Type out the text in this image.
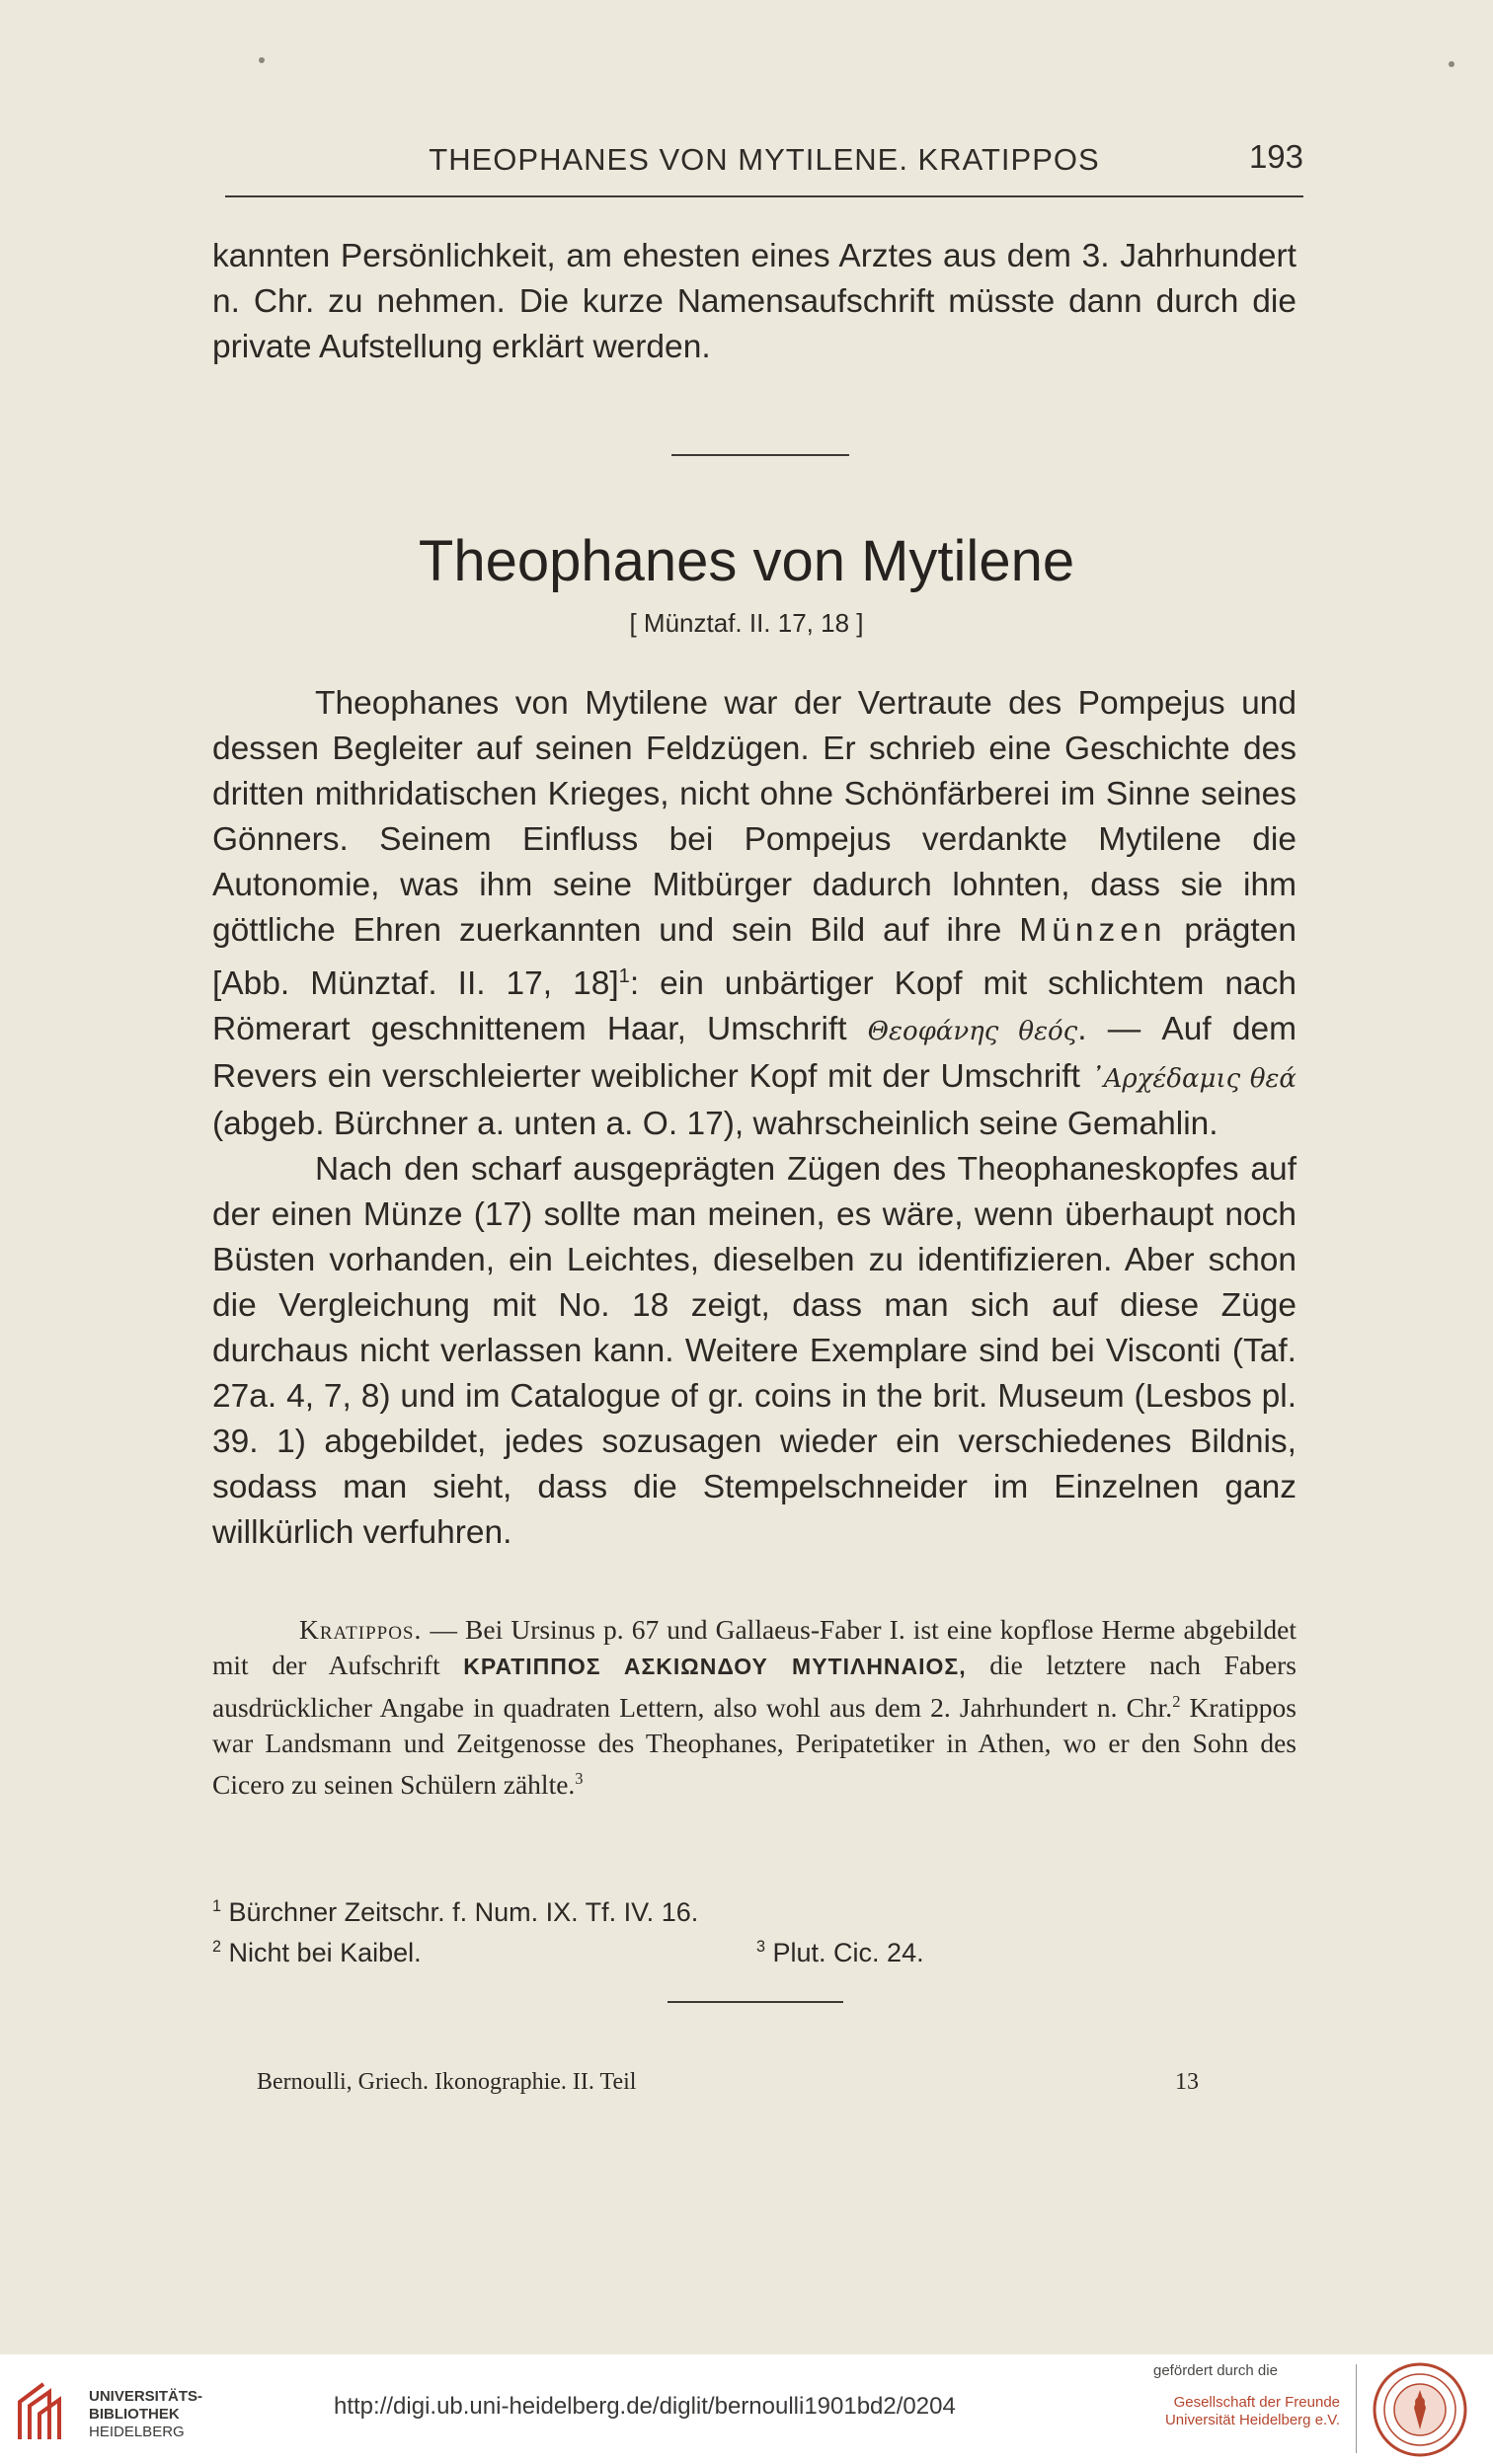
THEOPHANES VON MYTILENE. KRATIPPOS	193

kannten Persönlichkeit, am ehesten eines Arztes aus dem 3. Jahrhundert n. Chr. zu nehmen. Die kurze Namensaufschrift müsste dann durch die private Aufstellung erklärt werden.

Theophanes von Mytilene
[ Münztaf. II. 17, 18 ]

Theophanes von Mytilene war der Vertraute des Pompejus und dessen Begleiter auf seinen Feldzügen. Er schrieb eine Geschichte des dritten mithridatischen Krieges, nicht ohne Schönfärberei im Sinne seines Gönners. Seinem Einfluss bei Pompejus verdankte Mytilene die Autonomie, was ihm seine Mitbürger dadurch lohnten, dass sie ihm göttliche Ehren zuerkannten und sein Bild auf ihre Münzen prägten [Abb. Münztaf. II. 17, 18]$^1$: ein unbärtiger Kopf mit schlichtem nach Römerart geschnittenem Haar, Umschrift Θεοφάνης θεός. — Auf dem Revers ein verschleierter weiblicher Kopf mit der Umschrift ᾽Αρχέδαμις θεά (abgeb. Bürchner a. unten a. O. 17), wahrscheinlich seine Gemahlin.

Nach den scharf ausgeprägten Zügen des Theophaneskopfes auf der einen Münze (17) sollte man meinen, es wäre, wenn überhaupt noch Büsten vorhanden, ein Leichtes, dieselben zu identifizieren. Aber schon die Vergleichung mit No. 18 zeigt, dass man sich auf diese Züge durchaus nicht verlassen kann. Weitere Exemplare sind bei Visconti (Taf. 27a. 4, 7, 8) und im Catalogue of gr. coins in the brit. Museum (Lesbos pl. 39. 1) abgebildet, jedes sozusagen wieder ein verschiedenes Bildnis, sodass man sieht, dass die Stempelschneider im Einzelnen ganz willkürlich verfuhren.

Kratippos. — Bei Ursinus p. 67 und Gallaeus-Faber I. ist eine kopflose Herme abgebildet mit der Aufschrift ΚΡΑΤΙΠΠΟΣ ΑΣΚΙΩΝΔΟΥ ΜΥΤΙΛΗΝΑΙΟΣ, die letztere nach Fabers ausdrücklicher Angabe in quadraten Lettern, also wohl aus dem 2. Jahrhundert n. Chr.$^2$ Kratippos war Landsmann und Zeitgenosse des Theophanes, Peripatetiker in Athen, wo er den Sohn des Cicero zu seinen Schülern zählte.$^3$

$^1$ Bürchner Zeitschr. f. Num. IX. Tf. IV. 16.
$^2$ Nicht bei Kaibel.	$^3$ Plut. Cic. 24.
Bernoulli, Griech. Ikonographie. II. Teil	13
UNIVERSITÄTS-
BIBLIOTHEK
HEIDELBERG
http://digi.ub.uni-heidelberg.de/diglit/bernoulli1901bd2/0204
gefördert durch die
Gesellschaft der Freunde
Universität Heidelberg e.V.
